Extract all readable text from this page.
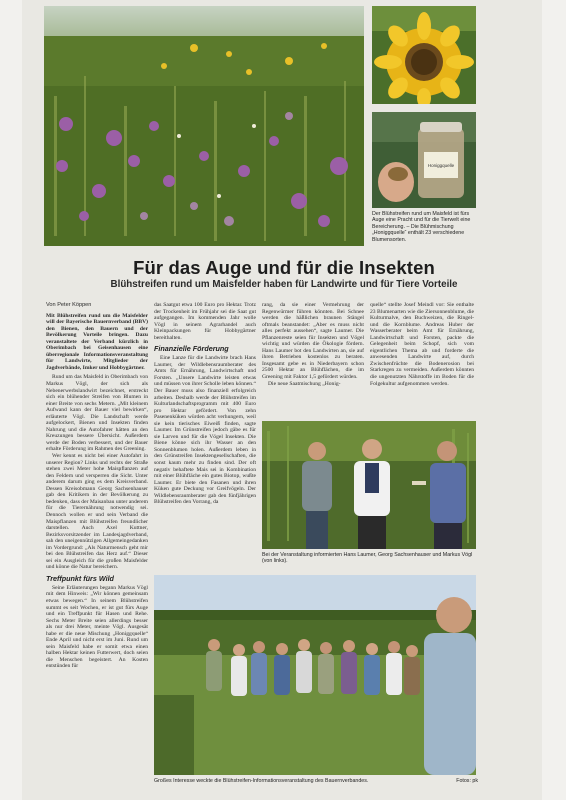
Honiggquelle
Der Blühstreifen rund um Maisfeld ist fürs Auge eine Pracht und für die Tierwelt eine Bereicherung. – Die Blühmischung „Honiggquelle“ enthält 23 verschiedene Blumensorten.
Für das Auge und für die Insekten
Blühstreifen rund um Maisfelder haben für Landwirte und für Tiere Vorteile

Von Peter Köppen

Mit Blühstreifen rund um die Maisfelder will der Bayerische Bauernverband (BBV) den Bienen, den Bauern und der Bevölkerung Vorteile bringen. Dazu veranstaltete der Verband kürzlich in Oberimbach bei Geisenhausen eine überregionale Informationsveranstaltung für Landwirte, Mitglieder der Jagdverbände, Imker und Hobbygärtner.

Rund um das Maisfeld in Oberimbach von Markus Vögl, der sich als Nebenerwerbslandwirt bezeichnet, erstreckt sich ein blühender Streifen von Blumen in einer Breite von sechs Metern. „Mit kleinem Aufwand kann der Bauer viel bewirken“, erläuterte Vögl. Die Landschaft werde aufgelockert, Bienen und Insekten finden Nahrung und die Autofahrer hätten an den Kreuzungen bessere Übersicht. Außerdem werde der Boden verbessert, und der Bauer erhalte Förderung im Rahmen des Greening.

Wer kennt es nicht bei einer Autofahrt in unserer Region? Links und rechts der Straße stehen zwei Meter hohe Maispflanzen auf den Feldern und versperren die Sicht. Unter anderem darum ging es dem Kreisverband. Dessen Kreisobmann Georg Sachsenhauser gab den Kritikern in der Bevölkerung zu bedenken, dass der Maisanbau unter anderem für die Tierernährung notwendig sei. Dennoch wollen er und sein Verband die Maispflanzen mit Blühstreifen freundlicher darstellen. Auch Axel Kuttner, Bezirksvorsitzender im Landesjagdverband, sah den uneigennützigen Allgemeingedanken im Vordergrund: „Als Naturmensch geht mir bei den Blühstreifen das Herz auf.“ Dieser sei ein Ausgleich für die großen Maisfelder und könne die Natur bereichern.

Treffpunkt fürs Wild

Seine Erläuterungen begann Markus Vögl mit dem Hinweis: „Wir können gemeinsam etwas bewegen.“ In seinem Blühstreifen summt es seit Wochen, er ist gut fürs Auge und ein Treffpunkt für Hasen und Rehe. Sechs Meter Breite seien allerdings besser als nur drei Meter, meinte Vögl. Ausgesät habe er die neue Mischung „Honiggquelle“ Ende April und nicht erst im Juni. Rund um sein Maisfeld habe er somit etwa einen halben Hektar keinen Futterwert, doch seien die Menschen begeistert. An Kosten entstünden für

das Saatgut etwa 100 Euro pro Hektar. Trotz der Trockenheit im Frühjahr sei die Saat gut aufgegangen. Im kommenden Jahr wolle Vögl in seinem Agrarhandel auch Kleinpackungen für Hobbygärtner bereithalten.

Finanzielle Förderung

Eine Lanze für die Landwirte brach Hans Laumer, der Wildlebensraumberater des Amts für Ernährung, Landwirtschaft und Forsten. „Unsere Landwirte leisten etwas und müssen von ihrer Scholle leben können.“ Der Bauer muss also finanziell erfolgreich arbeiten. Deshalb werde der Blühstreifen im Kulturlandschaftsprogramm mit 400 Euro pro Hektar gefördert. Von zehn Pasenenküken würden acht verhungern, weil sie kein tierisches Eiweiß finden, sagte Laumer. Im Grünstreifen jedoch gäbe es für sie Larven und für die Vögel Insekten. Die Biene könne sich ihr Wasser an den Sonnenblumen holen. Außerdem leben in den Grünstreifen Insektengesellschaften, die sonst kaum mehr zu finden sind. Der oft negativ behaftete Mais sei in Kombination mit einer Blühfläche ein gutes Biotop, wußte Laumer. Er biete den Fasanen und ihren Küken gute Deckung vor Greifvögeln. Der Wildlebensraumberater gab den fünfjährigen Blühstreifen den Vorrang, da

rang, da sie einer Vermehrung der Regenwürmer führen könnten. Bei Schnee werden die häßlichen braunen Stängel oftmals beanstandet: „Aber es muss nicht alles perfekt aussehen“, sagte Laumer. Die Pflanzenreste seien für Insekten und Vögel wichtig und würden die Ökologie fördern. Hans Laumer bot den Landwirten an, sie auf ihren Betrieben kostenlos zu beraten. Insgesamt gebe es in Niederbayern schon 2500 Hektar an Blühflächen, die im Greening mit Faktor 1,5 gefördert würden.

Die neue Saatmischung „Honig-

quelle“ stellte Josef Meindl vor: Sie enthalte 23 Blumenarten wie die Ziersonnenblume, die Kulturmalve, den Buchweizen, die Ringel- und die Kornblume. Andreas Huber der Wasserberater beim Amt für Ernährung, Landwirtschaft und Forsten, packte die Gelegenheit beim Schopf, sich vom eigentlichen Thema ab und forderte die anwesenden Landwirte auf, durch Zwischenfrüchte die Bodenerosion bei Starkregen zu vermeiden. Außerdem könnten die ungenutzten Nährstoffe im Boden für die Folgekultur aufgenommen werden.

Bei der Veranstaltung informierten Hans Laumer, Georg Sachsenhauser und Markus Vögl (von links).
Großes Interesse weckte die Blühstreifen-Informationsveranstaltung des Bauernverbandes.	Fotos: pk
